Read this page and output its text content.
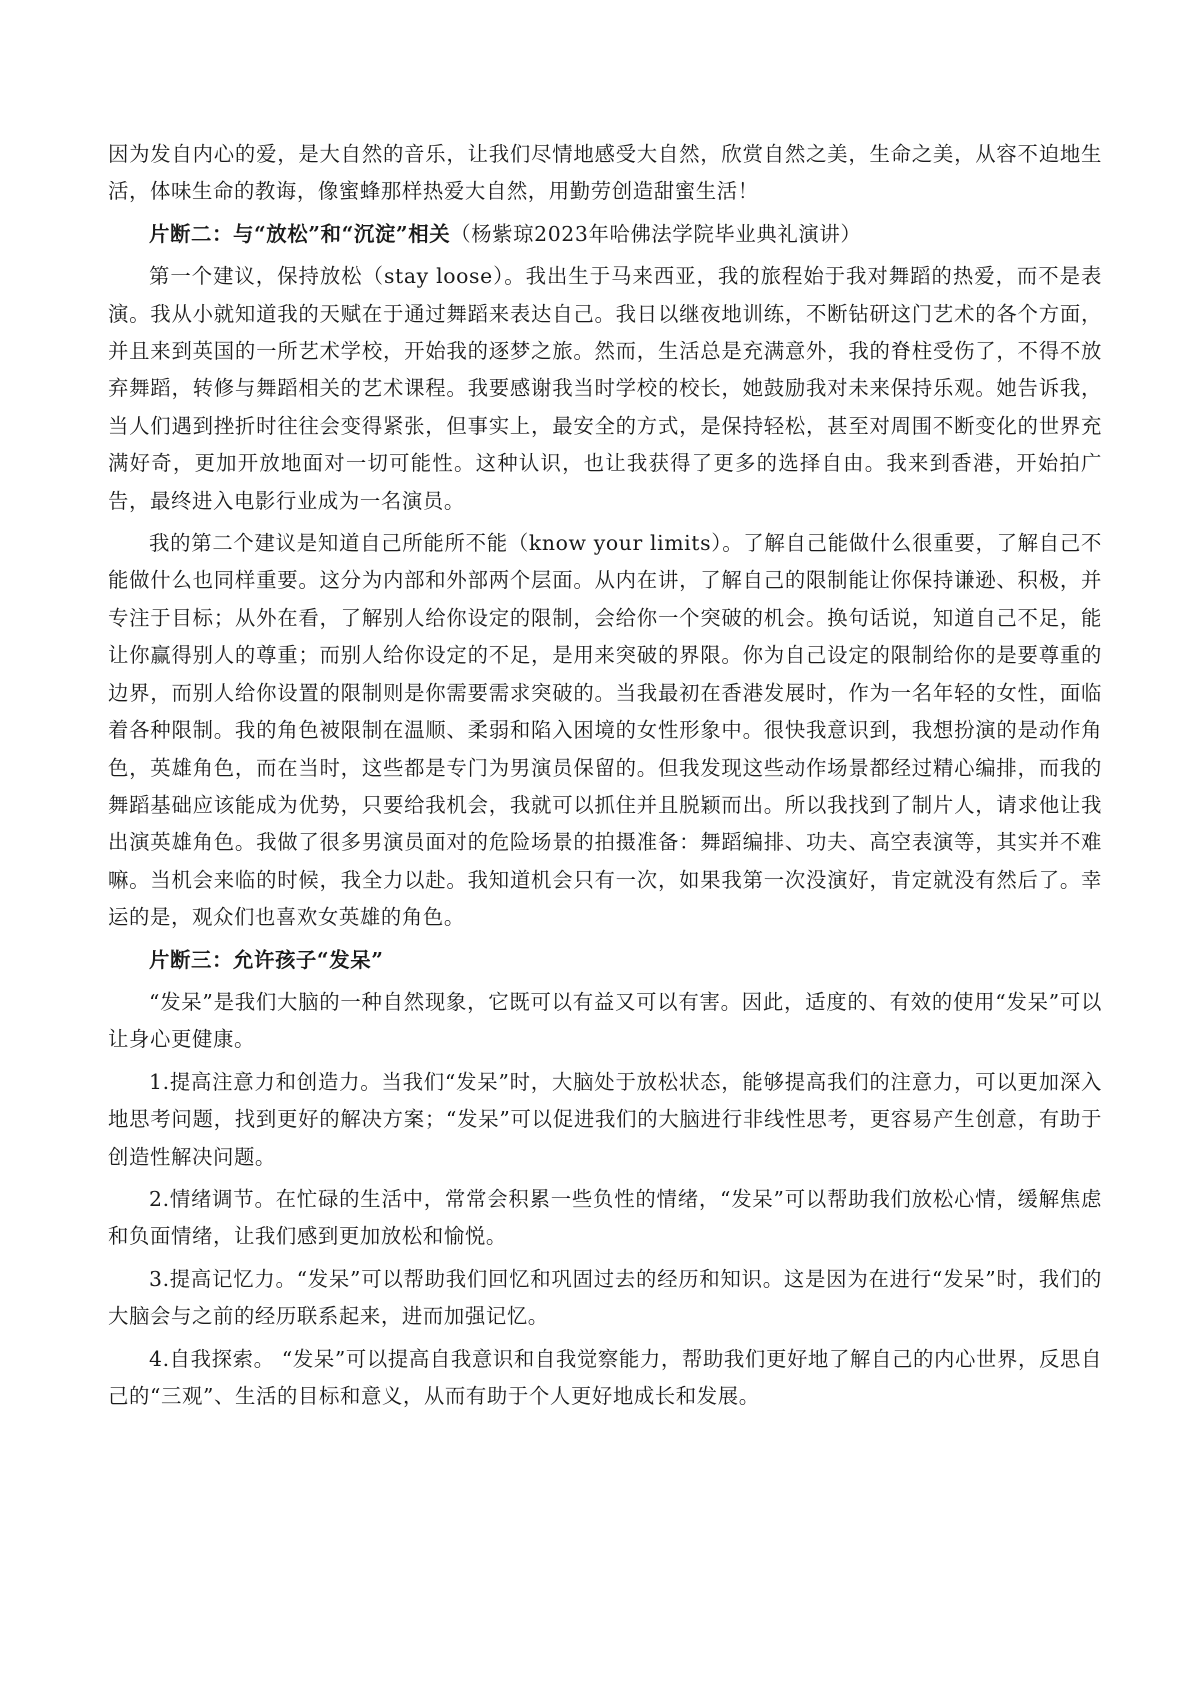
因为发自内心的爱，是大自然的音乐，让我们尽情地感受大自然，欣赏自然之美，生命之美，从容不迫地生活，体味生命的教诲，像蜜蜂那样热爱大自然，用勤劳创造甜蜜生活！

片断二：与“放松”和“沉淀”相关（杨紫琼2023年哈佛法学院毕业典礼演讲）

第一个建议，保持放松（stay loose）。我出生于马来西亚，我的旅程始于我对舞蹈的热爱，而不是表演。我从小就知道我的天赋在于通过舞蹈来表达自己。我日以继夜地训练，不断钻研这门艺术的各个方面，并且来到英国的一所艺术学校，开始我的逐梦之旅。然而，生活总是充满意外，我的脊柱受伤了，不得不放弃舞蹈，转修与舞蹈相关的艺术课程。我要感谢我当时学校的校长，她鼓励我对未来保持乐观。她告诉我，当人们遇到挫折时往往会变得紧张，但事实上，最安全的方式，是保持轻松，甚至对周围不断变化的世界充满好奇，更加开放地面对一切可能性。这种认识，也让我获得了更多的选择自由。我来到香港，开始拍广告，最终进入电影行业成为一名演员。

我的第二个建议是知道自己所能所不能（know your limits）。了解自己能做什么很重要，了解自己不能做什么也同样重要。这分为内部和外部两个层面。从内在讲，了解自己的限制能让你保持谦逊、积极，并专注于目标；从外在看，了解别人给你设定的限制，会给你一个突破的机会。换句话说，知道自己不足，能让你赢得别人的尊重；而别人给你设定的不足，是用来突破的界限。你为自己设定的限制给你的是要尊重的边界，而别人给你设置的限制则是你需要需求突破的。当我最初在香港发展时，作为一名年轻的女性，面临着各种限制。我的角色被限制在温顺、柔弱和陷入困境的女性形象中。很快我意识到，我想扮演的是动作角色，英雄角色，而在当时，这些都是专门为男演员保留的。但我发现这些动作场景都经过精心编排，而我的舞蹈基础应该能成为优势，只要给我机会，我就可以抓住并且脱颖而出。所以我找到了制片人，请求他让我出演英雄角色。我做了很多男演员面对的危险场景的拍摄准备：舞蹈编排、功夫、高空表演等，其实并不难嘛。当机会来临的时候，我全力以赴。我知道机会只有一次，如果我第一次没演好，肯定就没有然后了。幸运的是，观众们也喜欢女英雄的角色。

片断三：允许孩子“发呆”

“发呆”是我们大脑的一种自然现象，它既可以有益又可以有害。因此，适度的、有效的使用“发呆”可以让身心更健康。

1.提高注意力和创造力。当我们“发呆”时，大脑处于放松状态，能够提高我们的注意力，可以更加深入地思考问题，找到更好的解决方案；“发呆”可以促进我们的大脑进行非线性思考，更容易产生创意，有助于创造性解决问题。

2.情绪调节。在忙碌的生活中，常常会积累一些负性的情绪，“发呆”可以帮助我们放松心情，缓解焦虑和负面情绪，让我们感到更加放松和愉悦。

3.提高记忆力。“发呆”可以帮助我们回忆和巩固过去的经历和知识。这是因为在进行“发呆”时，我们的大脑会与之前的经历联系起来，进而加强记忆。

4.自我探索。 “发呆”可以提高自我意识和自我觉察能力，帮助我们更好地了解自己的内心世界，反思自己的“三观”、生活的目标和意义，从而有助于个人更好地成长和发展。
